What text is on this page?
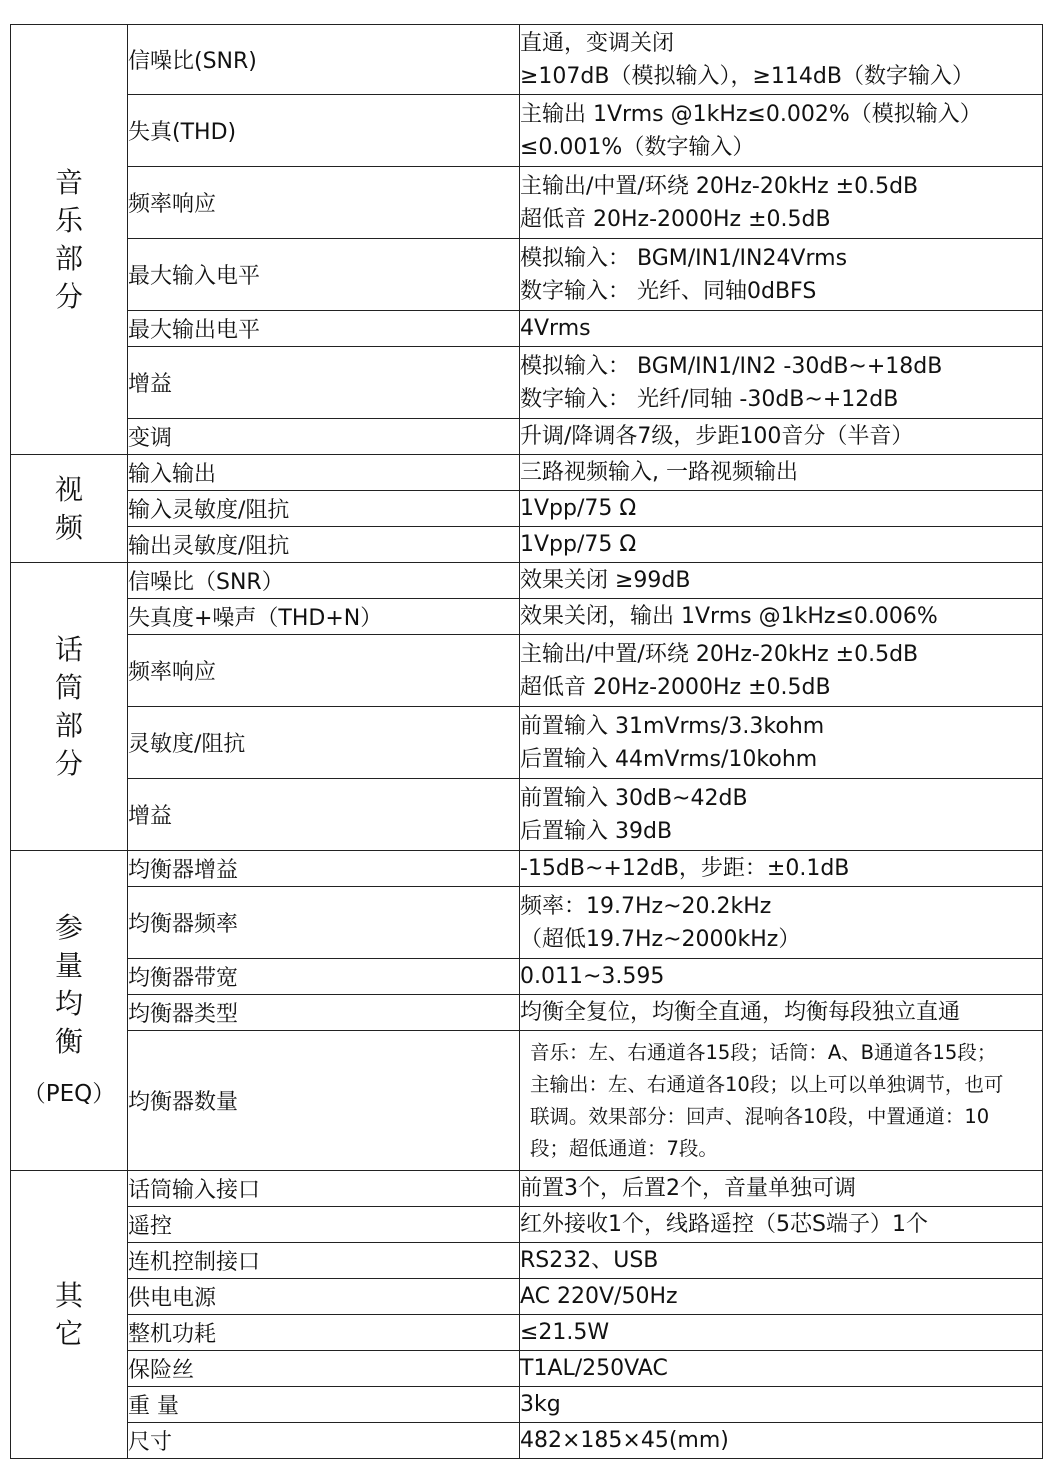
音
乐
部
分	信噪比(SNR)	直通，变调关闭
≥107dB（模拟输入），≥114dB（数字输入）

	失真(THD)	主输出 1Vrms @1kHz≤0.002%（模拟输入）
≤0.001%（数字输入）

	频率响应	主输出/中置/环绕 20Hz-20kHz ±0.5dB
超低音 20Hz-2000Hz ±0.5dB

	最大输入电平	模拟输入： BGM/IN1/IN24Vrms
数字输入： 光纤、同轴0dBFS

	最大输出电平	4Vrms

	增益	模拟输入： BGM/IN1/IN2 -30dB~+18dB
数字输入： 光纤/同轴 -30dB~+12dB

	变调	升调/降调各7级，步距100音分（半音）

视
频	输入输出	三路视频输入, 一路视频输出

	输入灵敏度/阻抗	1Vpp/75 Ω

	输出灵敏度/阻抗	1Vpp/75 Ω

话
筒
部
分	信噪比（SNR）	效果关闭 ≥99dB

	失真度+噪声（THD+N）	效果关闭，输出 1Vrms @1kHz≤0.006%

	频率响应	主输出/中置/环绕 20Hz-20kHz ±0.5dB
超低音 20Hz-2000Hz ±0.5dB

	灵敏度/阻抗	前置输入 31mVrms/3.3kohm
后置输入 44mVrms/10kohm

	增益	前置输入 30dB~42dB
后置输入 39dB

参
量
均
衡
（PEQ）	均衡器增益	-15dB~+12dB，步距：±0.1dB

	均衡器频率	频率：19.7Hz~20.2kHz
（超低19.7Hz~2000kHz）

	均衡器带宽	0.011~3.595

	均衡器类型	均衡全复位，均衡全直通，均衡每段独立直通

	均衡器数量	音乐：左、右通道各15段；话筒：A、B通道各15段；
主输出：左、右通道各10段；以上可以单独调节，也可
联调。效果部分：回声、混响各10段，中置通道：10
段；超低通道：7段。

其
它	话筒输入接口	前置3个，后置2个，音量单独可调

	遥控	红外接收1个，线路遥控（5芯S端子）1个

	连机控制接口	RS232、USB

	供电电源	AC 220V/50Hz

	整机功耗	≤21.5W

	保险丝	T1AL/250VAC

	重 量	3kg

	尺寸	482×185×45(mm)
